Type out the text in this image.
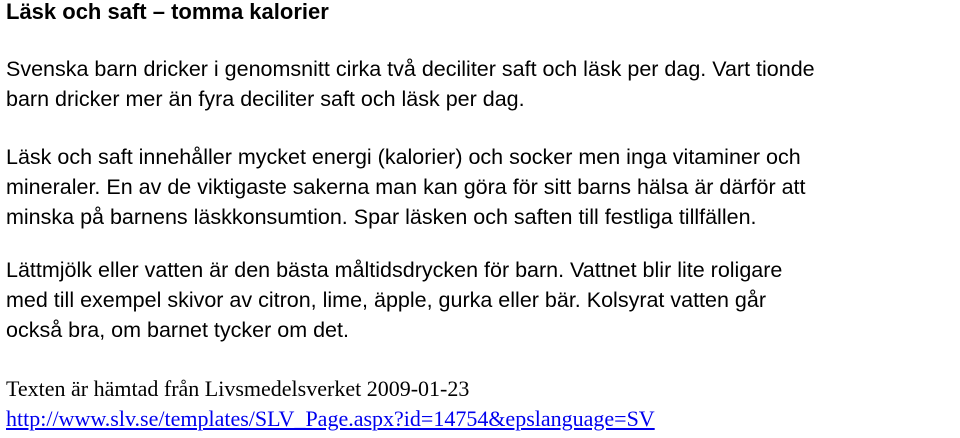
Läsk och saft – tomma kalorier

Svenska barn dricker i genomsnitt cirka två deciliter saft och läsk per dag. Vart tionde
barn dricker mer än fyra deciliter saft och läsk per dag.

Läsk och saft innehåller mycket energi (kalorier) och socker men inga vitaminer och
mineraler. En av de viktigaste sakerna man kan göra för sitt barns hälsa är därför att
minska på barnens läskkonsumtion. Spar läsken och saften till festliga tillfällen.

Lättmjölk eller vatten är den bästa måltidsdrycken för barn. Vattnet blir lite roligare
med till exempel skivor av citron, lime, äpple, gurka eller bär. Kolsyrat vatten går
också bra, om barnet tycker om det.

Texten är hämtad från Livsmedelsverket 2009-01-23
http://www.slv.se/templates/SLV_Page.aspx?id=14754&epslanguage=SV
